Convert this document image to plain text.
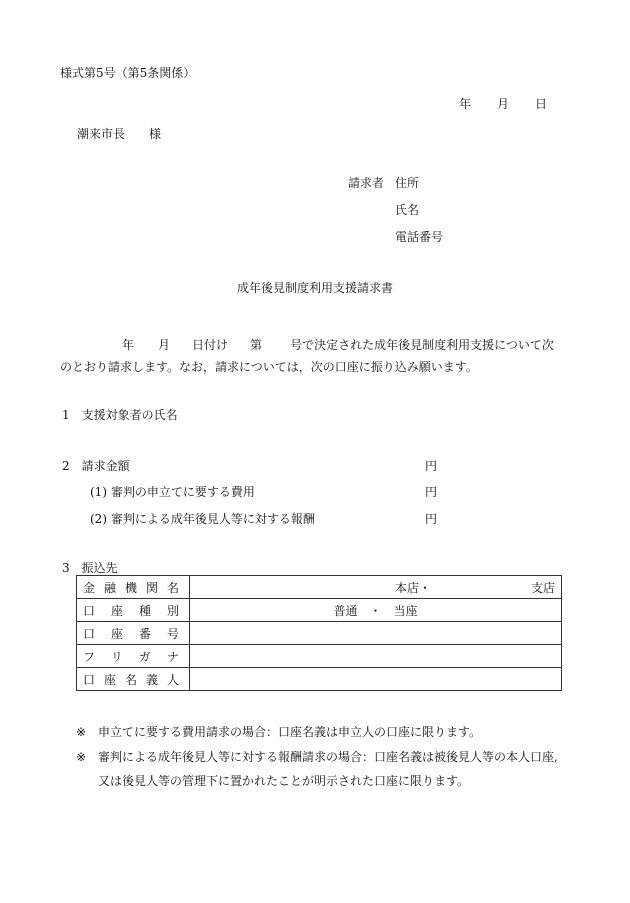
様式第5号（第5条関係）
年 月 日
潮来市長　　様
請求者 住所
氏名
電話番号
成年後見制度利用支援請求書
年 月 日付け 第 号で決定された成年後見制度利用支援について次のとおり請求します。なお，請求については，次の口座に振り込み願います。
1　支援対象者の氏名
2　請求金額	円
(1) 審判の申立てに要する費用	円
(2) 審判による成年後見人等に対する報酬	円
3　振込先
金融機関名	本店・ 支店

口座種別	普通　・　当座
口座番号	
フリガナ	
口座名義人	
※ 申立てに要する費用請求の場合：口座名義は申立人の口座に限ります。
※ 審判による成年後見人等に対する報酬請求の場合：口座名義は被後見人等の本人口座,
又は後見人等の管理下に置かれたことが明示された口座に限ります。
